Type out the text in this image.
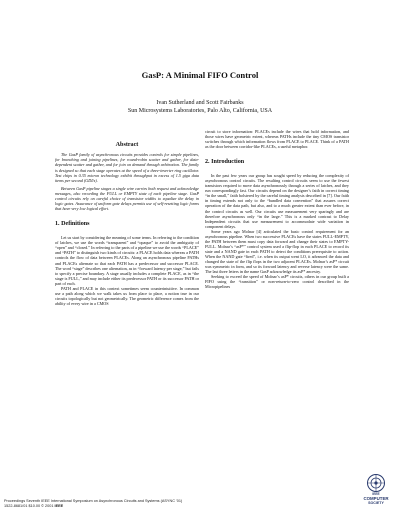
GasP: A Minimal FIFO Control
Ivan Sutherland and Scott Fairbanks
Sun Microsystems Laboratories, Palo Alto, California, USA
Abstract

The GasP family of asynchronous circuits provides controls for simple pipelines, for branching and joining pipelines, for round-robin scatter and gather, for data-dependent scatter and gather, and for join on demand through arbitration. The family is designed so that each stage operates at the speed of a three-inverter ring oscillator. Test chips in 0.35 micron technology exhibit throughput in excess of 1.5 giga data items per second (GDI/s).

Between GasP pipeline stages a single wire carries both request and acknowledge messages, also recording the FULL or EMPTY state of each pipeline stage. GasP control circuits rely on careful choice of transistor widths to equalize the delay in logic gates. Assurance of uniform gate delays permits use of self-resetting logic forms that have very low logical effort.

1. Definitions

Let us start by considering the meaning of some terms. In referring to the condition of latches, we use the words “transparent” and “opaque” to avoid the ambiguity of “open” and “closed.” In referring to the parts of a pipeline we use the words “PLACE” and “PATH” to distinguish two kinds of circuits: a PLACE holds data whereas a PATH controls the flow of data between PLACEs. Along an asynchronous pipeline PATHs and PLACEs alternate so that each PATH has a predecessor and successor PLACE. The word “stage” describes one alternation, as in “forward latency per stage,” but fails to specify a precise boundary. A stage usually includes a complete PLACE, as in “the stage is FULL,” and may include either its predecessor PATH or its successor PATH or part of each.

PATH and PLACE in this context sometimes seem counterintuitive. In common use a path along which we walk takes us from place to place, a notion true in our circuits topologically but not geometrically. The geometric difference comes from the ability of every wire in a CMOS

circuit to store information: PLACEs include the wires that hold information, and those wires have geometric extent, whereas PATHs include the tiny CMOS transistor switches through which information flows from PLACE to PLACE. Think of a PATH as the door between corridor-like PLACEs, a useful metaphor.

2. Introduction

In the past few years our group has sought speed by reducing the complexity of asynchronous control circuits. The resulting control circuits seem to use the fewest transistors required to move data asynchronously through a series of latches, and they run correspondingly fast. Our circuits depend on the designer’s faith in correct timing “in the small,” faith bolstered by the careful timing analysis described in [7]. Our faith in timing extends not only to the “bundled data convention” that assures correct operation of the data path, but also, and to a much greater extent than ever before, in the control circuits as well. Our circuits use measurement very sparingly and are therefore asynchronous only “in the large.” This is a marked contrast to Delay Independent circuits that use measurement to accommodate wide variation in component delays.

Some years ago Molnar [4] articulated the basic control requirement for an asynchronous pipeline. When two successive PLACEs have the states FULL-EMPTY, the PATH between them must copy data forward and change their states to EMPTY-FULL. Molnar’s “asP*” control system used a flip-flop in each PLACE to record its state and a NAND gate in each PATH to detect the conditions prerequisite to action. When the NAND gate “fired”, i.e. when its output went LO, it advanced the data and changed the state of the flip flops in the two adjacent PLACEs. Molnar’s asP* circuit was symmetric in form, and so its forward latency and reverse latency were the same. The last three letters in the name GasP acknowledge its asP* ancestry.

Seeking to exceed the speed of Molnar’s asP* circuits, others in our group built a FIFO using the “transition” or non-return-to-zero control described in the Micropipelines

Proceedings Seventh IEEE International Symposium on Asynchronous Circuits and Systems (ASYNC '01)
1522-8681/01 $10.00 © 2001 IEEE
IEEE
COMPUTER
SOCIETY
